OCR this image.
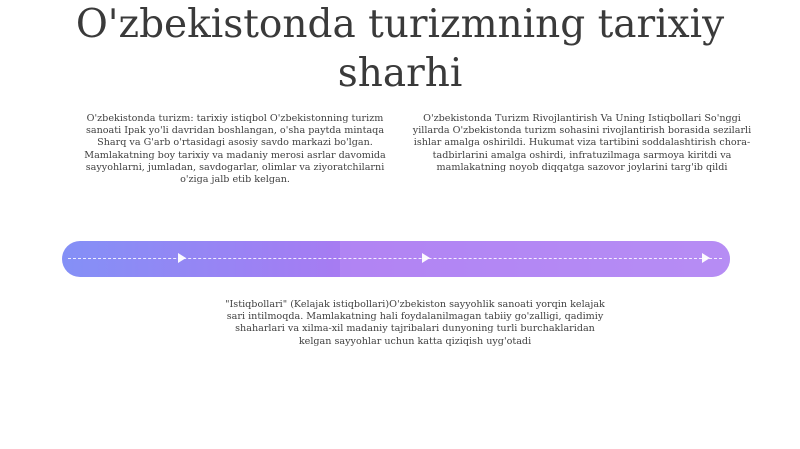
O'zbekistonda turizmning tarixiy sharhi
O'zbekistonda turizm: tarixiy istiqbol O'zbekistonning turizm sanoati Ipak yo'li davridan boshlangan, o'sha paytda mintaqa Sharq va G'arb o'rtasidagi asosiy savdo markazi bo'lgan. Mamlakatning boy tarixiy va madaniy merosi asrlar davomida sayyohlarni, jumladan, savdogarlar, olimlar va ziyoratchilarni o'ziga jalb etib kelgan.
O'zbekistonda Turizm Rivojlantirish Va Uning Istiqbollari So'nggi yillarda O'zbekistonda turizm sohasini rivojlantirish borasida sezilarli ishlar amalga oshirildi. Hukumat viza tartibini soddalashtirish chora-tadbirlarini amalga oshirdi, infratuzilmaga sarmoya kiritdi va mamlakatning noyob diqqatga sazovor joylarini targ'ib qildi
"Istiqbollari" (Kelajak istiqbollari)O'zbekiston sayyohlik sanoati yorqin kelajak sari intilmoqda. Mamlakatning hali foydalanilmagan tabiiy go'zalligi, qadimiy shaharlari va xilma-xil madaniy tajribalari dunyoning turli burchaklaridan kelgan sayyohlar uchun katta qiziqish uyg'otadi
